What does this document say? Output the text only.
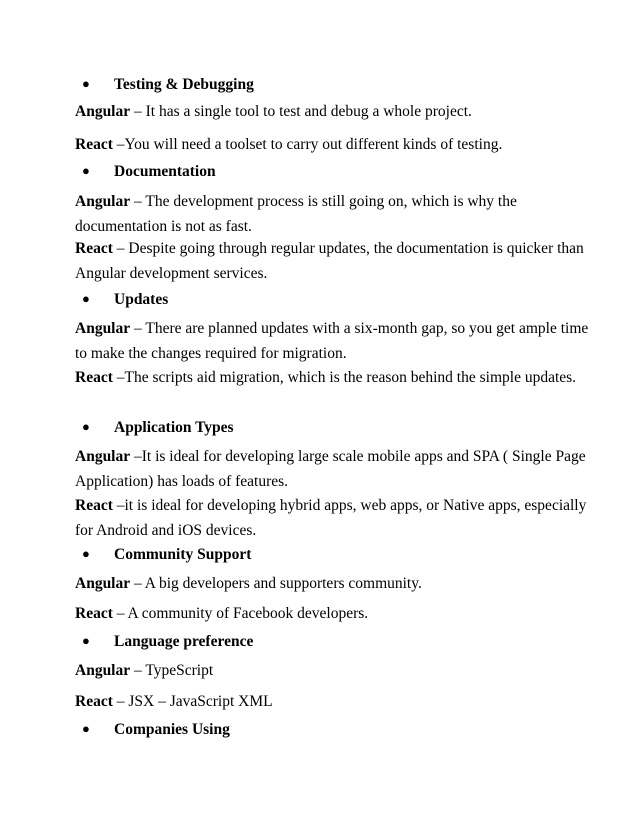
● Testing & Debugging
Angular – It has a single tool to test and debug a whole project.
React –You will need a toolset to carry out different kinds of testing.
● Documentation
Angular – The development process is still going on, which is why the documentation is not as fast.
React – Despite going through regular updates, the documentation is quicker than Angular development services.
● Updates
Angular – There are planned updates with a six-month gap, so you get ample time to make the changes required for migration.
React –The scripts aid migration, which is the reason behind the simple updates.
● Application Types
Angular –It is ideal for developing large scale mobile apps and SPA ( Single Page Application) has loads of features.
React –it is ideal for developing hybrid apps, web apps, or Native apps, especially for Android and iOS devices.
● Community Support
Angular – A big developers and supporters community.
React – A community of Facebook developers.
● Language preference
Angular – TypeScript
React – JSX – JavaScript XML
● Companies Using
